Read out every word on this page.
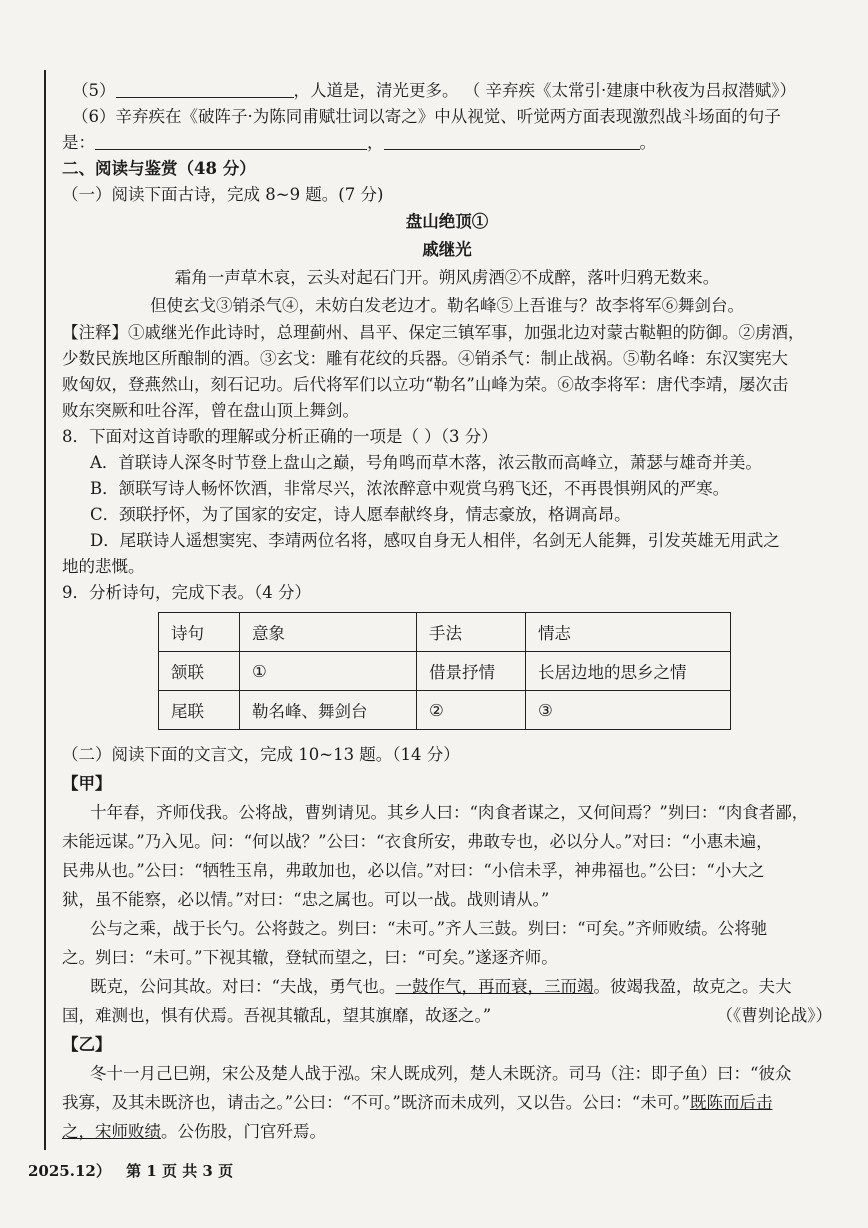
（5）	，人道是，清光更多。 （ 辛弃疾《太常引·建康中秋夜为吕叔潜赋》）
（6）辛弃疾在《破阵子·为陈同甫赋壮词以寄之》中从视觉、听觉两方面表现激烈战斗场面的句子
是：	，	。
二、阅读与鉴赏（48 分）
（一）阅读下面古诗，完成 8~9 题。(7 分)
盘山绝顶①
戚继光
霜角一声草木哀，云头对起石门开。朔风虏酒②不成醉，落叶归鸦无数来。
但使玄戈③销杀气④，未妨白发老边才。勒名峰⑤上吾谁与？故李将军⑥舞剑台。
【注释】①戚继光作此诗时，总理蓟州、昌平、保定三镇军事，加强北边对蒙古鞑靼的防御。②虏酒，
少数民族地区所酿制的酒。③玄戈：雕有花纹的兵器。④销杀气：制止战祸。⑤勒名峰：东汉窦宪大
败匈奴，登燕然山，刻石记功。后代将军们以立功“勒名”山峰为荣。⑥故李将军：唐代李靖，屡次击
败东突厥和吐谷浑，曾在盘山顶上舞剑。
8．下面对这首诗歌的理解或分析正确的一项是（ ）（3 分）
A．首联诗人深冬时节登上盘山之巅，号角鸣而草木落，浓云散而高峰立，萧瑟与雄奇并美。
B．颔联写诗人畅怀饮酒，非常尽兴，浓浓醉意中观赏乌鸦飞还，不再畏惧朔风的严寒。
C．颈联抒怀，为了国家的安定，诗人愿奉献终身，情志豪放，格调高昂。
D．尾联诗人遥想窦宪、李靖两位名将，感叹自身无人相伴，名剑无人能舞，引发英雄无用武之
地的悲慨。
9．分析诗句，完成下表。（4 分）
诗句	意象	手法	情志
颔联	①	借景抒情	长居边地的思乡之情
尾联	勒名峰、舞剑台	②	③

（二）阅读下面的文言文，完成 10~13 题。（14 分）

【甲】

十年春，齐师伐我。公将战，曹刿请见。其乡人曰：“肉食者谋之，又何间焉？”刿曰：“肉食者鄙，

未能远谋。”乃入见。问：“何以战？”公曰：“衣食所安，弗敢专也，必以分人。”对曰：“小惠未遍，

民弗从也。”公曰：“牺牲玉帛，弗敢加也，必以信。”对曰：“小信未孚，神弗福也。”公曰：“小大之

狱，虽不能察，必以情。”对曰：“忠之属也。可以一战。战则请从。”

公与之乘，战于长勺。公将鼓之。刿曰：“未可。”齐人三鼓。刿曰：“可矣。”齐师败绩。公将驰

之。刿曰：“未可。”下视其辙，登轼而望之，曰：“可矣。”遂逐齐师。

既克，公问其故。对曰：“夫战，勇气也。一鼓作气，再而衰，三而竭。彼竭我盈，故克之。夫大

国，难测也，惧有伏焉。吾视其辙乱，望其旗靡，故逐之。”	（《曹刿论战》）

【乙】

冬十一月己巳朔，宋公及楚人战于泓。宋人既成列，楚人未既济。司马（注：即子鱼）曰：“彼众

我寡，及其未既济也，请击之。”公曰：“不可。”既济而未成列，又以告。公曰：“未可。”既陈而后击

之，宋师败绩。公伤股，门官歼焉。

2025.12） 第 1 页 共 3 页
